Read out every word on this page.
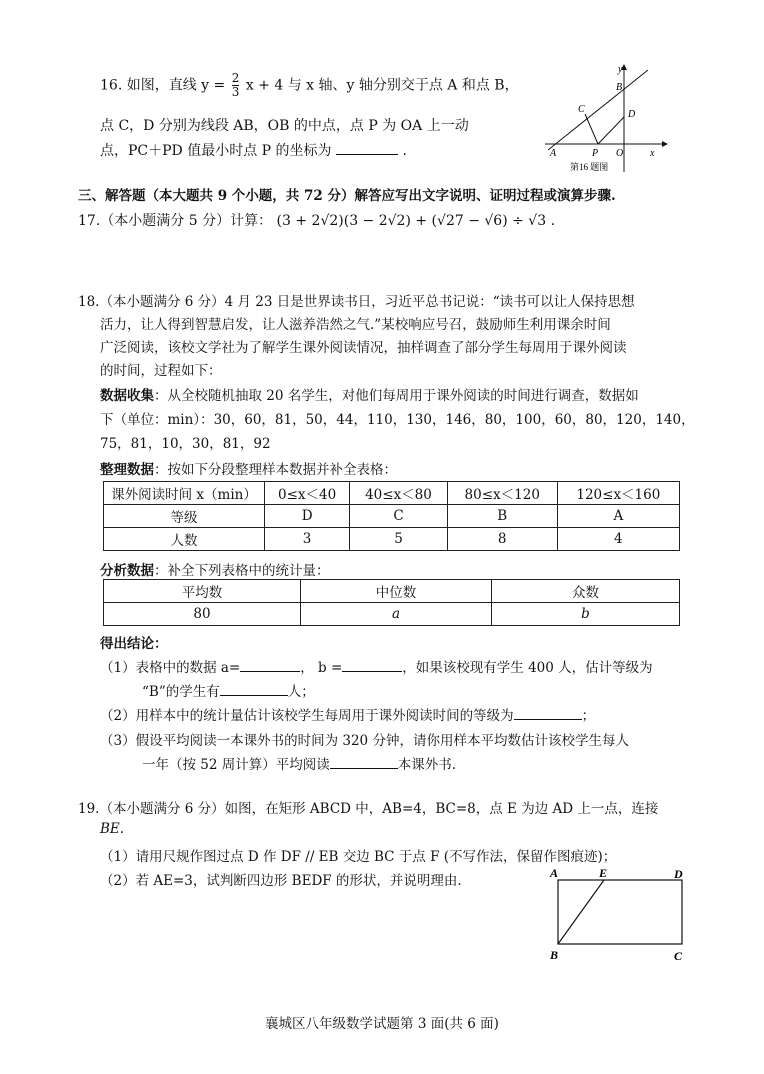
16. 如图，直线 $y = \frac{2}{3}$ x + 4 与 x 轴、y 轴分别交于点 A 和点 B，
点 C，D 分别为线段 AB，OB 的中点，点 P 为 OA 上一动
点，PC＋PD 值最小时点 P 的坐标为	.
y
B
C	D
A	P O	x
第16 题图
三、解答题（本大题共 9 个小题，共 72 分）解答应写出文字说明、证明过程或演算步骤.
17.（本小题满分 5 分）计算： (3 + 2√2)(3 − 2√2) + (√27 − √6) ÷ √3 .
18.（本小题满分 6 分）4 月 23 日是世界读书日，习近平总书记说：“读书可以让人保持思想
活力，让人得到智慧启发，让人滋养浩然之气.”某校响应号召，鼓励师生利用课余时间
广泛阅读，该校文学社为了解学生课外阅读情况，抽样调查了部分学生每周用于课外阅读
的时间，过程如下：
数据收集：从全校随机抽取 20 名学生，对他们每周用于课外阅读的时间进行调查，数据如
下（单位：min）：30，60，81，50，44，110，130，146，80，100，60，80，120，140，
75，81，10，30，81，92
整理数据：按如下分段整理样本数据并补全表格：
课外阅读时间 x（min）	0≤x＜40	40≤x＜80	80≤x＜120	120≤x＜160
等级	D	C	B	A
人数	3	5	8	4
分析数据：补全下列表格中的统计量：
平均数	中位数	众数
80	a	b
得出结论：
（1）表格中的数据 a=	， b =	，如果该校现有学生 400 人，估计等级为
“B”的学生有	人；
（2）用样本中的统计量估计该校学生每周用于课外阅读时间的等级为	；
（3）假设平均阅读一本课外书的时间为 320 分钟，请你用样本平均数估计该校学生每人
一年（按 52 周计算）平均阅读	本课外书.
19.（本小题满分 6 分）如图，在矩形 ABCD 中，AB=4，BC=8，点 E 为边 AD 上一点，连接
BE.
（1）请用尺规作图过点 D 作 DF // EB 交边 BC 于点 F (不写作法，保留作图痕迹)；
（2）若 AE=3，试判断四边形 BEDF 的形状，并说明理由.	A	E	D
B	C
襄城区八年级数学试题第 3 面(共 6 面)
